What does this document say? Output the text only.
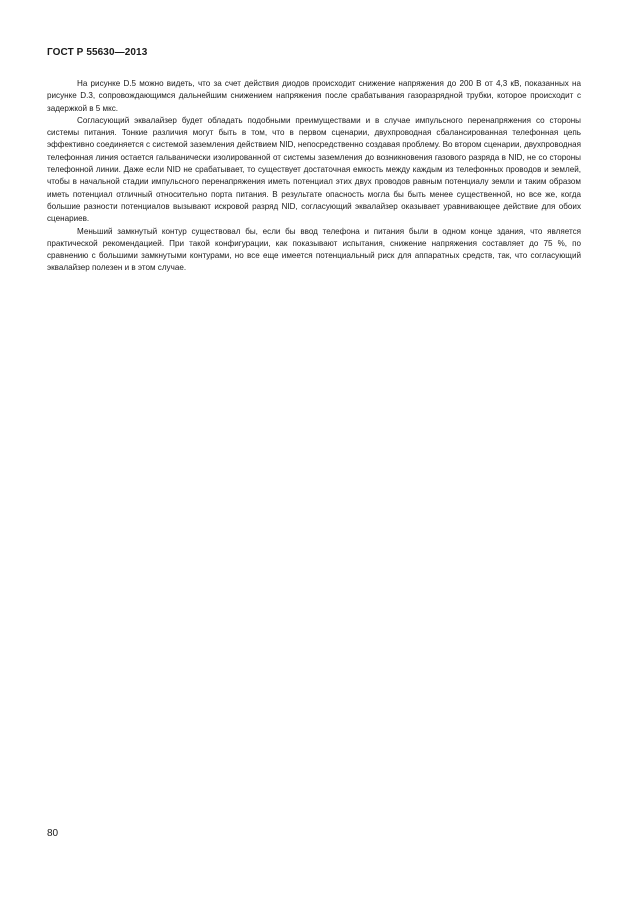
ГОСТ Р 55630—2013

На рисунке D.5 можно видеть, что за счет действия диодов происходит снижение напряжения до 200 В от 4,3 кВ, показанных на рисунке D.3, сопровождающимся дальнейшим снижением напряжения после срабатывания газоразрядной трубки, которое происходит с задержкой в 5 мкс.

Согласующий эквалайзер будет обладать подобными преимуществами и в случае импульсного перенапряжения со стороны системы питания. Тонкие различия могут быть в том, что в первом сценарии, двухпроводная сбалансированная телефонная цепь эффективно соединяется с системой заземления действием NID, непосредственно создавая проблему. Во втором сценарии, двухпроводная телефонная линия остается гальванически изолированной от системы заземления до возникновения газового разряда в NID, не со стороны телефонной линии. Даже если NID не срабатывает, то существует достаточная емкость между каждым из телефонных проводов и землей, чтобы в начальной стадии импульсного перенапряжения иметь потенциал этих двух проводов равным потенциалу земли и таким образом иметь потенциал отличный относительно порта питания. В результате опасность могла бы быть менее существенной, но все же, когда большие разности потенциалов вызывают искровой разряд NID, согласующий эквалайзер оказывает уравнивающее действие для обоих сценариев.

Меньший замкнутый контур существовал бы, если бы ввод телефона и питания были в одном конце здания, что является практической рекомендацией. При такой конфигурации, как показывают испытания, снижение напряжения составляет до 75 %, по сравнению с большими замкнутыми контурами, но все еще имеется потенциальный риск для аппаратных средств, так, что согласующий эквалайзер полезен и в этом случае.

80
